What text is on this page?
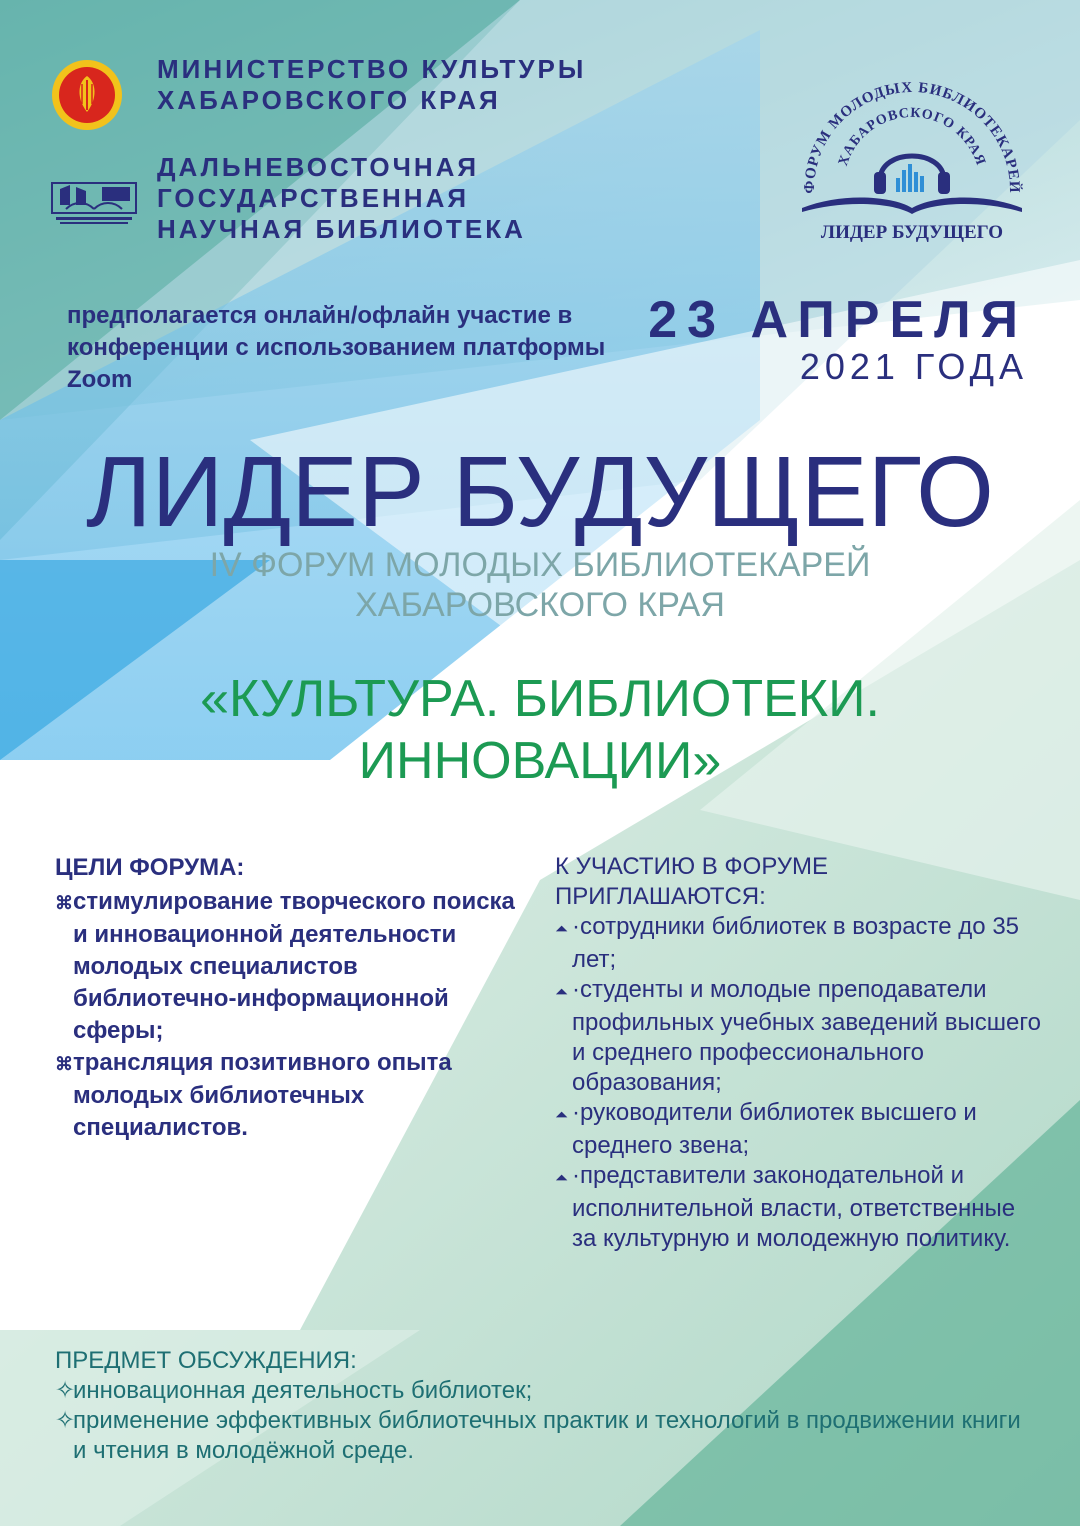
МИНИСТЕРСТВО КУЛЬТУРЫ
ХАБАРОВСКОГО КРАЯ
ДАЛЬНЕВОСТОЧНАЯ
ГОСУДАРСТВЕННАЯ
НАУЧНАЯ БИБЛИОТЕКА
ФОРУМ МОЛОДЫХ БИБЛИОТЕКАРЕЙ
ХАБАРОВСКОГО КРАЯ
ЛИДЕР БУДУЩЕГО
предполагается онлайн/офлайн участие в конференции с использованием платформы Zoom
23 АПРЕЛЯ
2021 ГОДА
ЛИДЕР БУДУЩЕГО
IV ФОРУМ МОЛОДЫХ БИБЛИОТЕКАРЕЙ
ХАБАРОВСКОГО КРАЯ
«КУЛЬТУРА. БИБЛИОТЕКИ.
ИННОВАЦИИ»
ЦЕЛИ ФОРУМА:
⌘стимулирование творческого поиска и инновационной деятельности молодых специалистов библиотечно-информационной сферы;
⌘трансляция позитивного опыта молодых библиотечных специалистов.
К УЧАСТИЮ В ФОРУМЕ ПРИГЛАШАЮТСЯ:
⏶ ·сотрудники библиотек в возрасте до 35 лет;
⏶ ·студенты и молодые преподаватели профильных учебных заведений высшего и среднего профессионального образования;
⏶ ·руководители библиотек высшего и среднего звена;
⏶ ·представители законодательной и исполнительной власти, ответственные за культурную и молодежную политику.
ПРЕДМЕТ ОБСУЖДЕНИЯ:
✧инновационная деятельность библиотек;
✧применение эффективных библиотечных практик и технологий в продвижении книги и чтения в молодёжной среде.
